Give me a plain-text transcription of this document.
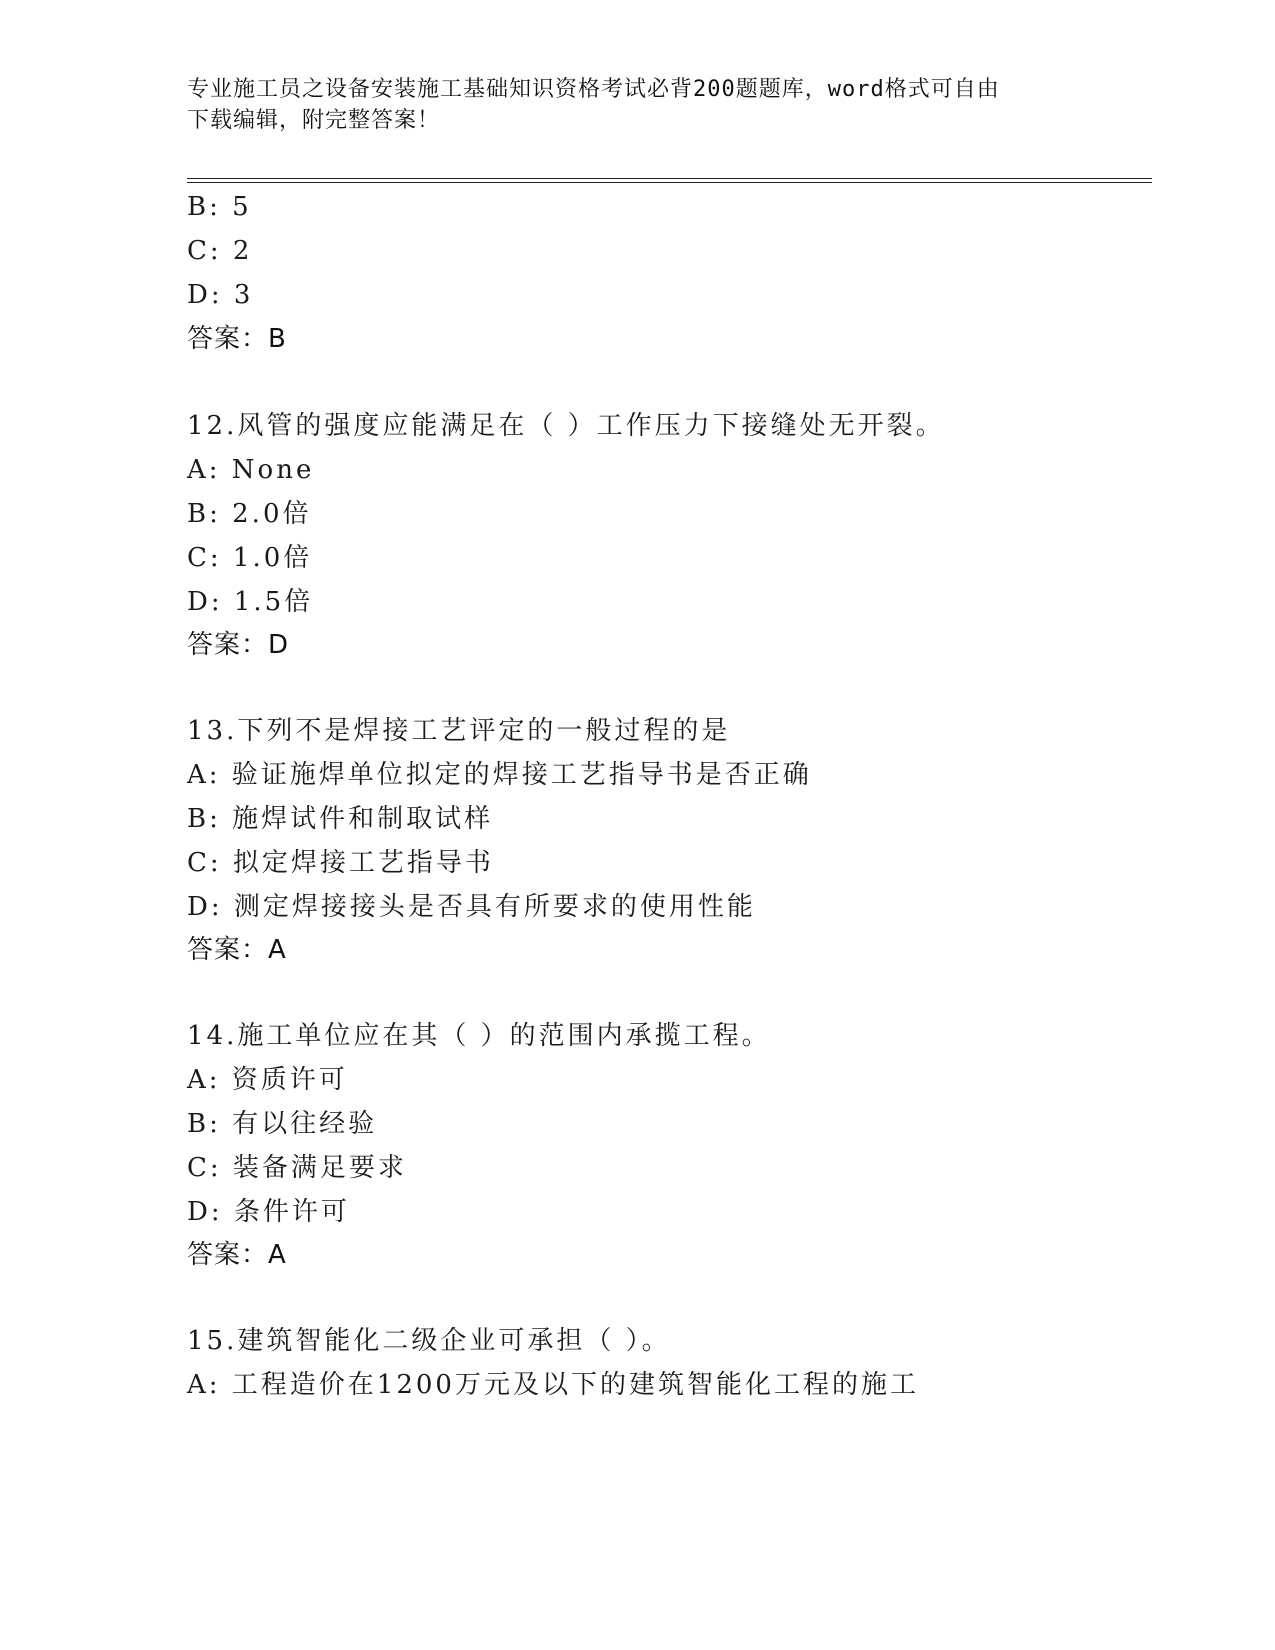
专业施工员之设备安装施工基础知识资格考试必背200题题库，word格式可自由
下载编辑，附完整答案！
B: 5
C: 2
D: 3
答案：B
12.风管的强度应能满足在（ ）工作压力下接缝处无开裂。
A: None
B: 2.0倍
C: 1.0倍
D: 1.5倍
答案：D
13.下列不是焊接工艺评定的一般过程的是
A: 验证施焊单位拟定的焊接工艺指导书是否正确
B: 施焊试件和制取试样
C: 拟定焊接工艺指导书
D: 测定焊接接头是否具有所要求的使用性能
答案：A
14.施工单位应在其（ ）的范围内承揽工程。
A: 资质许可
B: 有以往经验
C: 装备满足要求
D: 条件许可
答案：A
15.建筑智能化二级企业可承担（ ）。
A: 工程造价在1200万元及以下的建筑智能化工程的施工
